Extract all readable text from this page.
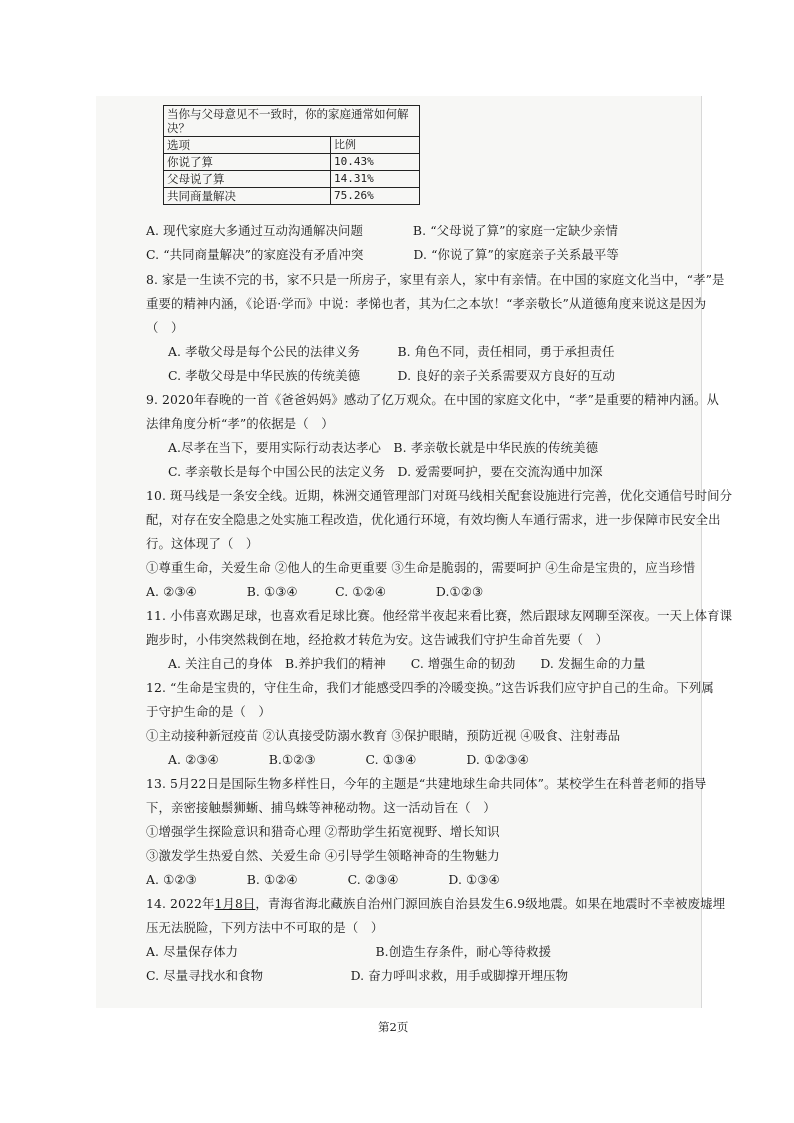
当你与父母意见不一致时，你的家庭通常如何解决？	
选项	比例
你说了算	10.43%
父母说了算	14.31%
共同商量解决	75.26%
A. 现代家庭大多通过互动沟通解决问题　　　　B. “父母说了算”的家庭一定缺少亲情
C. “共同商量解决”的家庭没有矛盾冲突　　　　D. “你说了算”的家庭亲子关系最平等
8. 家是一生读不完的书，家不只是一所房子，家里有亲人，家中有亲情。在中国的家庭文化当中，“孝”是
重要的精神内涵，《论语·学而》中说：孝悌也者，其为仁之本欤！“孝亲敬长”从道德角度来说这是因为
（　）
A. 孝敬父母是每个公民的法律义务　　　B. 角色不同，责任相同，勇于承担责任
C. 孝敬父母是中华民族的传统美德　　　D. 良好的亲子关系需要双方良好的互动
9. 2020年春晚的一首《爸爸妈妈》感动了亿万观众。在中国的家庭文化中，“孝”是重要的精神内涵。从
法律角度分析“孝”的依据是（　）
A.尽孝在当下，要用实际行动表达孝心　B. 孝亲敬长就是中华民族的传统美德
C. 孝亲敬长是每个中国公民的法定义务　D. 爱需要呵护，要在交流沟通中加深
10. 斑马线是一条安全线。近期，株洲交通管理部门对斑马线相关配套设施进行完善，优化交通信号时间分
配，对存在安全隐患之处实施工程改造，优化通行环境，有效均衡人车通行需求，进一步保障市民安全出
行。这体现了（　）
①尊重生命，关爱生命 ②他人的生命更重要 ③生命是脆弱的，需要呵护 ④生命是宝贵的，应当珍惜
A. ②③④　　　　B. ①③④　　　C. ①②④　　　　D.①②③
11. 小伟喜欢踢足球，也喜欢看足球比赛。他经常半夜起来看比赛，然后跟球友网聊至深夜。一天上体育课
跑步时，小伟突然栽倒在地，经抢救才转危为安。这告诫我们守护生命首先要（　）
A. 关注自己的身体　B.养护我们的精神　　C. 增强生命的韧劲　　D. 发掘生命的力量
12. “生命是宝贵的，守住生命，我们才能感受四季的冷暖变换。”这告诉我们应守护自己的生命。下列属
于守护生命的是（　）
①主动接种新冠疫苗 ②认真接受防溺水教育 ③保护眼睛，预防近视 ④吸食、注射毒品
A. ②③④　　　　B.①②③　　　　C. ①③④　　　　D. ①②③④
13. 5月22日是国际生物多样性日，今年的主题是“共建地球生命共同体”。某校学生在科普老师的指导
下，亲密接触鬃狮蜥、捕鸟蛛等神秘动物。这一活动旨在（　）
①增强学生探险意识和猎奇心理 ②帮助学生拓宽视野、增长知识
③激发学生热爱自然、关爱生命 ④引导学生领略神奇的生物魅力
A. ①②③　　　　B. ①②④　　　　C. ②③④　　　　D. ①③④
14. 2022年1月8日，青海省海北藏族自治州门源回族自治县发生6.9级地震。如果在地震时不幸被废墟埋
压无法脱险，下列方法中不可取的是（　）
A. 尽量保存体力　　　　　　　　　　　B.创造生存条件，耐心等待救援
C. 尽量寻找水和食物　　　　　　　D. 奋力呼叫求救，用手或脚撑开埋压物
第2页
